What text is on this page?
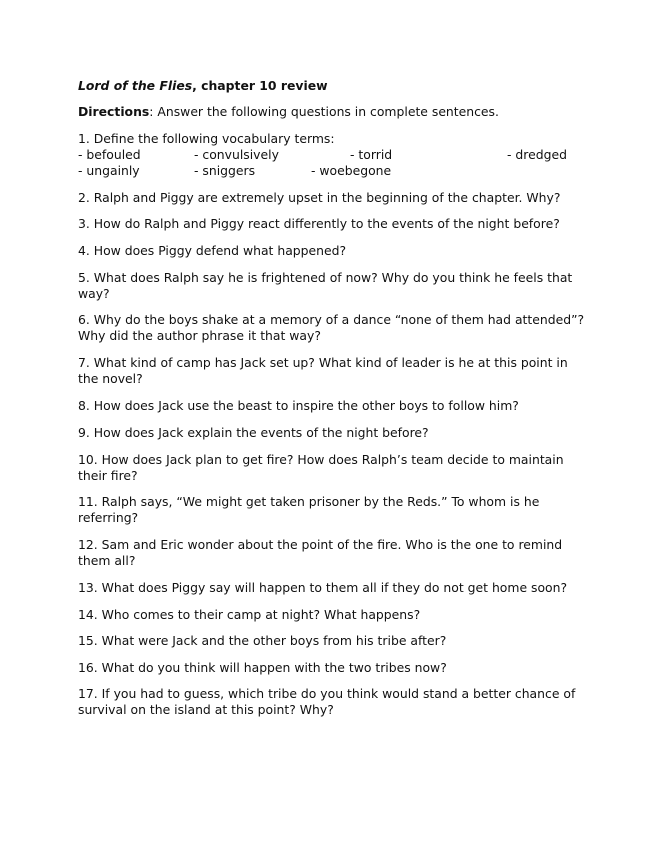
Lord of the Flies, chapter 10 review
Directions: Answer the following questions in complete sentences.
1. Define the following vocabulary terms:
- befouled	- convulsively	- torrid	- dredged
- ungainly	- sniggers	- woebegone
2. Ralph and Piggy are extremely upset in the beginning of the chapter. Why?
3. How do Ralph and Piggy react differently to the events of the night before?
4. How does Piggy defend what happened?
5. What does Ralph say he is frightened of now? Why do you think he feels that way?
6. Why do the boys shake at a memory of a dance “none of them had attended”? Why did the author phrase it that way?
7. What kind of camp has Jack set up? What kind of leader is he at this point in the novel?
8. How does Jack use the beast to inspire the other boys to follow him?
9. How does Jack explain the events of the night before?
10. How does Jack plan to get fire? How does Ralph’s team decide to maintain their fire?
11. Ralph says, “We might get taken prisoner by the Reds.” To whom is he referring?
12. Sam and Eric wonder about the point of the fire. Who is the one to remind them all?
13. What does Piggy say will happen to them all if they do not get home soon?
14. Who comes to their camp at night? What happens?
15. What were Jack and the other boys from his tribe after?
16. What do you think will happen with the two tribes now?
17. If you had to guess, which tribe do you think would stand a better chance of survival on the island at this point? Why?
